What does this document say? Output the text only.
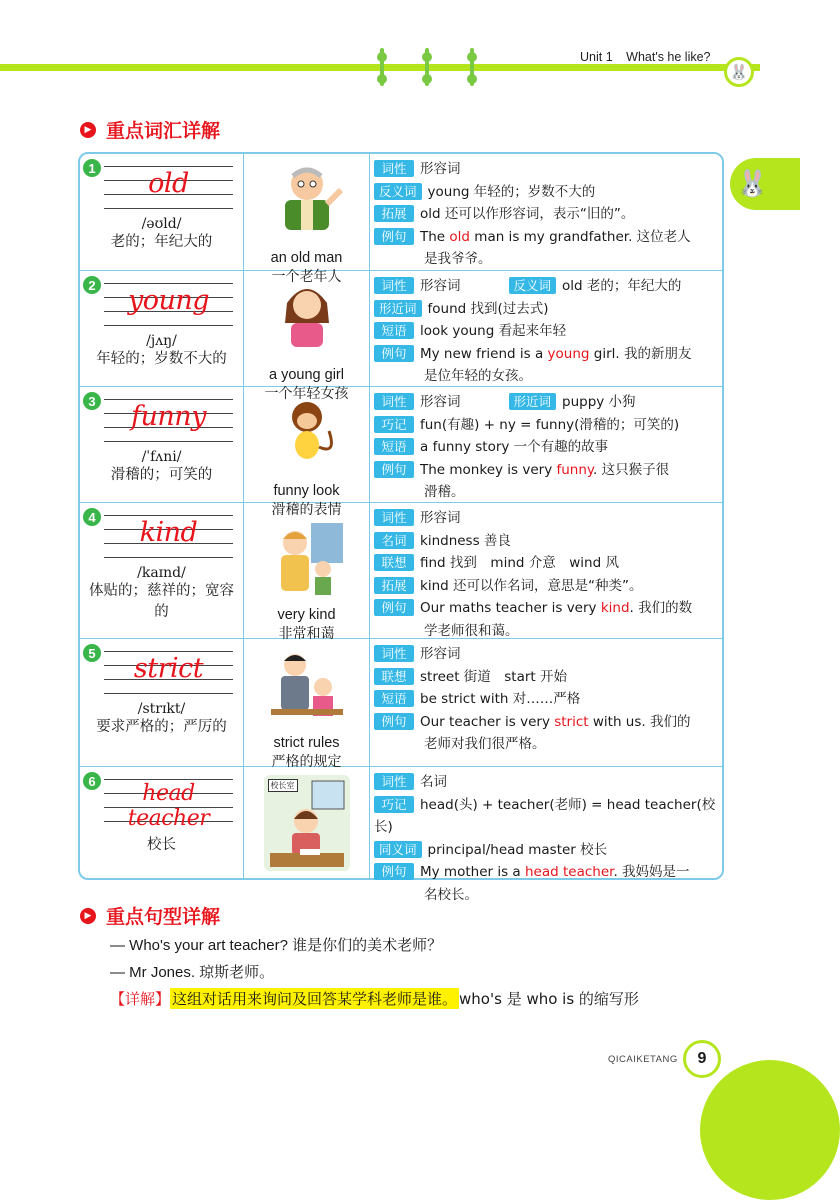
Unit 1 What's he like?
🐰
🐰
▶ 重点词汇详解
1	old
/əʊld/
老的；年纪大的
an old man
一个老年人
词性 形容词
反义词 young 年轻的；岁数不大的
拓展 old 还可以作形容词，表示“旧的”。
例句 The old man is my grandfather. 这位老人
是我爷爷。
2	young
/jʌŋ/
年轻的；岁数不大的
a young girl
一个年轻女孩
词性 形容词	反义词 old 老的；年纪大的
形近词 found 找到(过去式)
短语 look young 看起来年轻
例句 My new friend is a young girl. 我的新朋友
是位年轻的女孩。
3	funny
/ˈfʌni/
滑稽的；可笑的
funny look
滑稽的表情
词性 形容词	形近词 puppy 小狗
巧记 fun(有趣) + ny = funny(滑稽的；可笑的)
短语 a funny story 一个有趣的故事
例句 The monkey is very funny. 这只猴子很
滑稽。
4	kind
/kaɪnd/
体贴的；慈祥的；宽容的	very kind
非常和蔼
词性 形容词
名词 kindness 善良
联想 find 找到　mind 介意　wind 风
拓展 kind 还可以作名词，意思是“种类”。
例句 Our maths teacher is very kind. 我们的数
学老师很和蔼。
5	strict
/strɪkt/
要求严格的；严厉的
strict rules
严格的规定
词性 形容词
联想 street 街道　start 开始
短语 be strict with 对……严格
例句 Our teacher is very strict with us. 我们的
老师对我们很严格。
6	head teacher
校长
校长室	词性 名词
巧记 head(头) + teacher(老师) = head teacher(校长)
同义词 principal/head master 校长
例句 My mother is a head teacher. 我妈妈是一
名校长。
▶ 重点句型详解
— Who's your art teacher? 谁是你们的美术老师？
— Mr Jones. 琼斯老师。
【详解】 这组对话用来询问及回答某学科老师是谁。 who's 是 who is 的缩写形
QICAIKETANG	9
